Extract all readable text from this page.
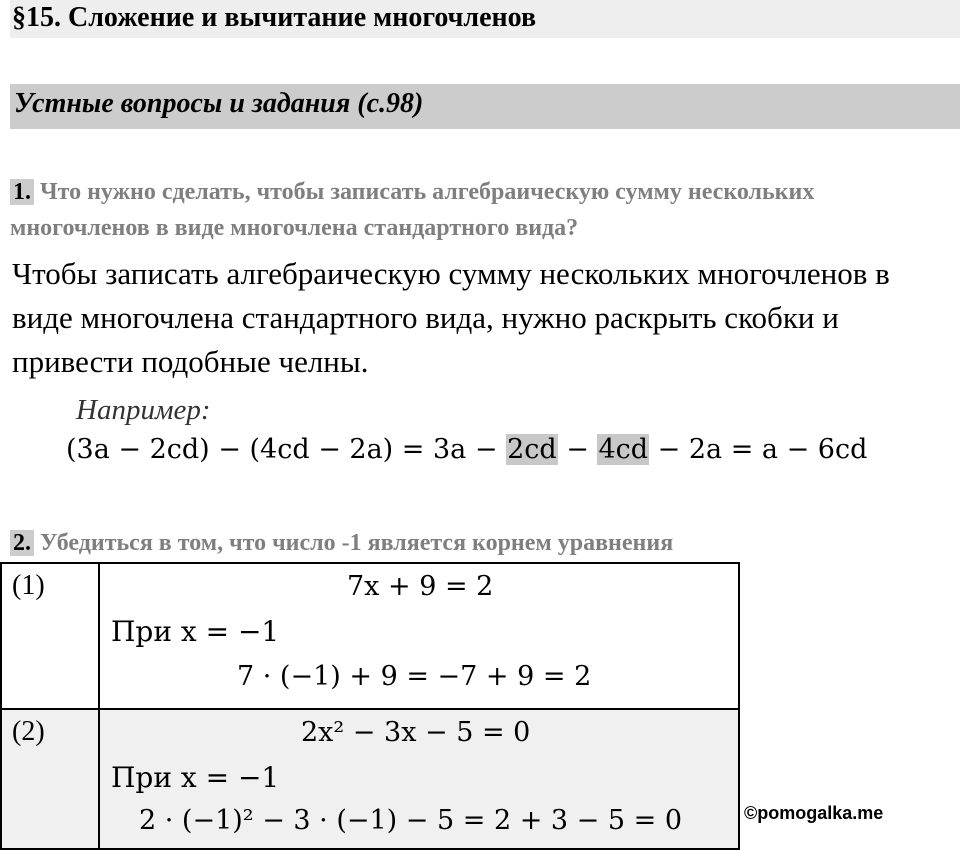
§15. Сложение и вычитание многочленов
Устные вопросы и задания (с.98)
1. Что нужно сделать, чтобы записать алгебраическую сумму нескольких многочленов в виде многочлена стандартного вида?
Чтобы записать алгебраическую сумму нескольких многочленов в виде многочлена стандартного вида, нужно раскрыть скобки и привести подобные челны.
Например:
(3a − 2cd) − (4cd − 2a) = 3a − 2cd − 4cd − 2a = a − 6cd
2. Убедиться в том, что число -1 является корнем уравнения
(1)	7x + 9 = 2
При x = −1
7 · (−1) + 9 = −7 + 9 = 2

(2)	2x² − 3x − 5 = 0
При x = −1
2 · (−1)² − 3 · (−1) − 5 = 2 + 3 − 5 = 0	©pomogalka.me
